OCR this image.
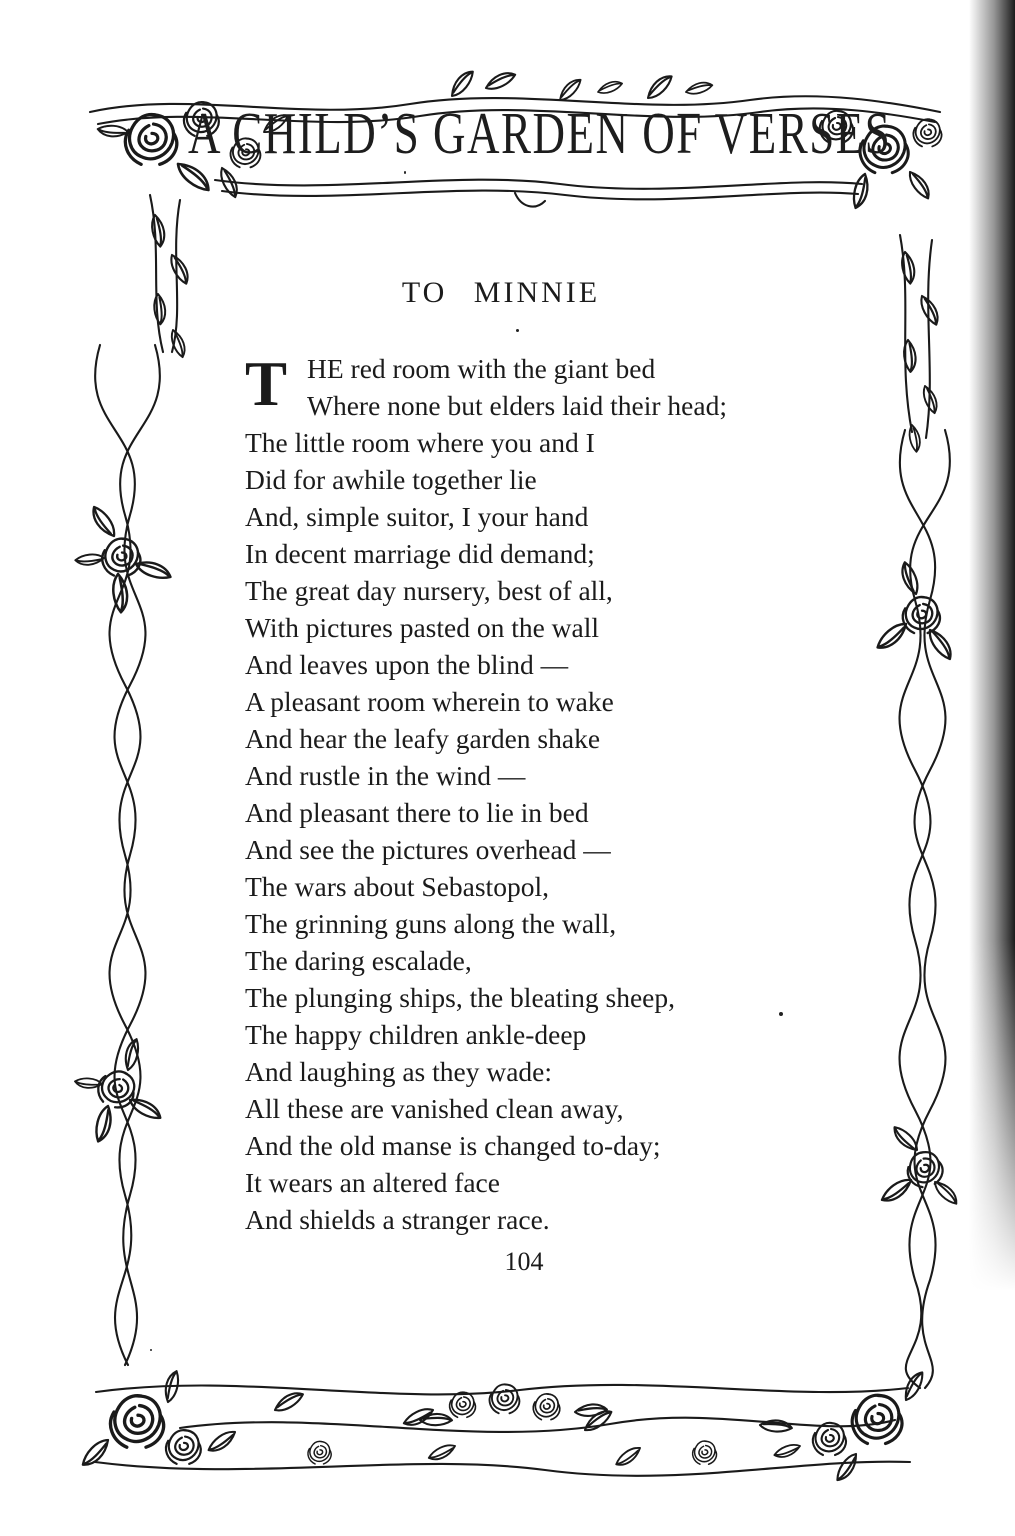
A CHILD’S GARDEN OF VERSES
TO MINNIE
T HE red room with the giant bed
Where none but elders laid their head;
The little room where you and I
Did for awhile together lie
And, simple suitor, I your hand
In decent marriage did demand;
The great day nursery, best of all,
With pictures pasted on the wall
And leaves upon the blind —
A pleasant room wherein to wake
And hear the leafy garden shake
And rustle in the wind —
And pleasant there to lie in bed
And see the pictures overhead —
The wars about Sebastopol,
The grinning guns along the wall,
The daring escalade,
The plunging ships, the bleating sheep,
The happy children ankle-deep
And laughing as they wade:
All these are vanished clean away,
And the old manse is changed to-day;
It wears an altered face
And shields a stranger race.
104
